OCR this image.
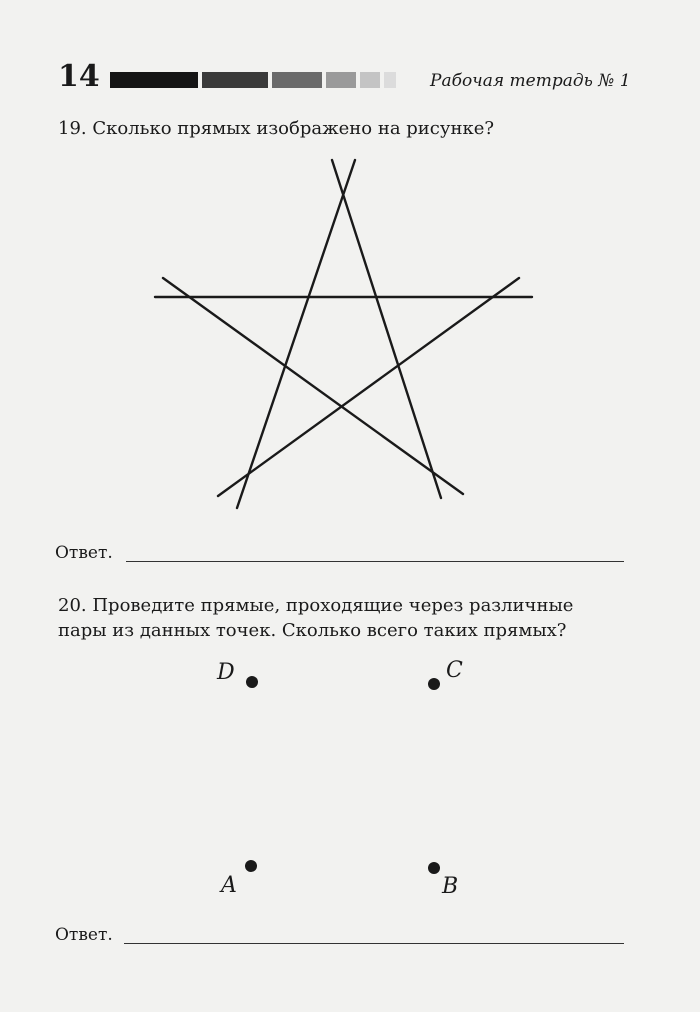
14	Рабочая тетрадь № 1
19. Сколько прямых изображено на рисунке?
D	C
A	B
Ответ.
20. Проведите прямые, проходящие через различные
пары из данных точек. Сколько всего таких прямых?
Ответ.
